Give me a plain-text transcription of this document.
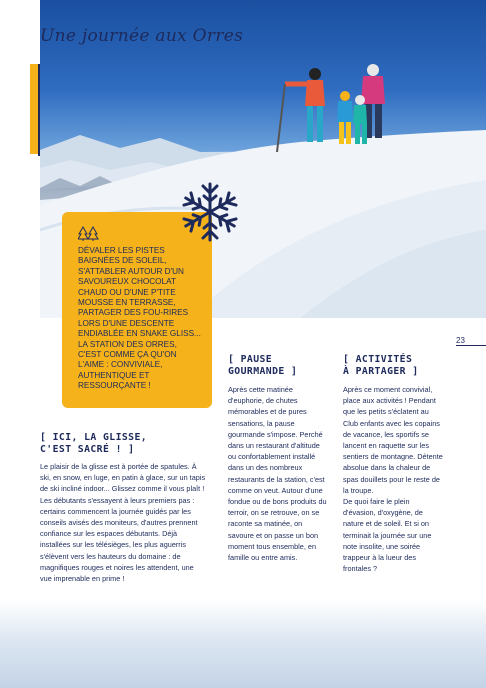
Une journée aux Orres
DÉVALER LES PISTES BAIGNÉES DE SOLEIL, S'ATTABLER AUTOUR D'UN SAVOUREUX CHOCOLAT CHAUD OU D'UNE P'TITE MOUSSE EN TERRASSE, PARTAGER DES FOU-RIRES LORS D'UNE DESCENTE ENDIABLÉE EN SNAKE GLISS... LA STATION DES ORRES, C'EST COMME ÇA QU'ON L'AIME : CONVIVIALE, AUTHENTIQUE ET RESSOURÇANTE !
23
[ ICI, LA GLISSE,
C'EST SACRÉ ! ]
Le plaisir de la glisse est à portée de spatules. À ski, en snow, en luge, en patin à glace, sur un tapis de ski incliné indoor... Glissez comme il vous plaît !
Les débutants s'essayent à leurs premiers pas : certains commencent la journée guidés par les conseils avisés des moniteurs, d'autres prennent confiance sur les espaces débutants. Déjà installées sur les télésièges, les plus aguerris s'élèvent vers les hauteurs du domaine : de magnifiques rouges et noires les attendent, une vue imprenable en prime !
[ PAUSE
GOURMANDE ]
Après cette matinée d'euphorie, de chutes mémorables et de pures sensations, la pause gourmande s'impose. Perché dans un restaurant d'altitude ou confortablement installé dans un des nombreux restaurants de la station, c'est comme on veut. Autour d'une fondue ou de bons produits du terroir, on se retrouve, on se raconte sa matinée, on savoure et on passe un bon moment tous ensemble, en famille ou entre amis.
[ ACTIVITÉS
À PARTAGER ]
Après ce moment convivial, place aux activités ! Pendant que les petits s'éclatent au Club enfants avec les copains de vacance, les sportifs se lancent en raquette sur les sentiers de montagne. Détente absolue dans la chaleur de spas douillets pour le reste de la troupe.
De quoi faire le plein d'évasion, d'oxygène, de nature et de soleil. Et si on terminait la journée sur une note insolite, une soirée trappeur à la lueur des frontales ?
